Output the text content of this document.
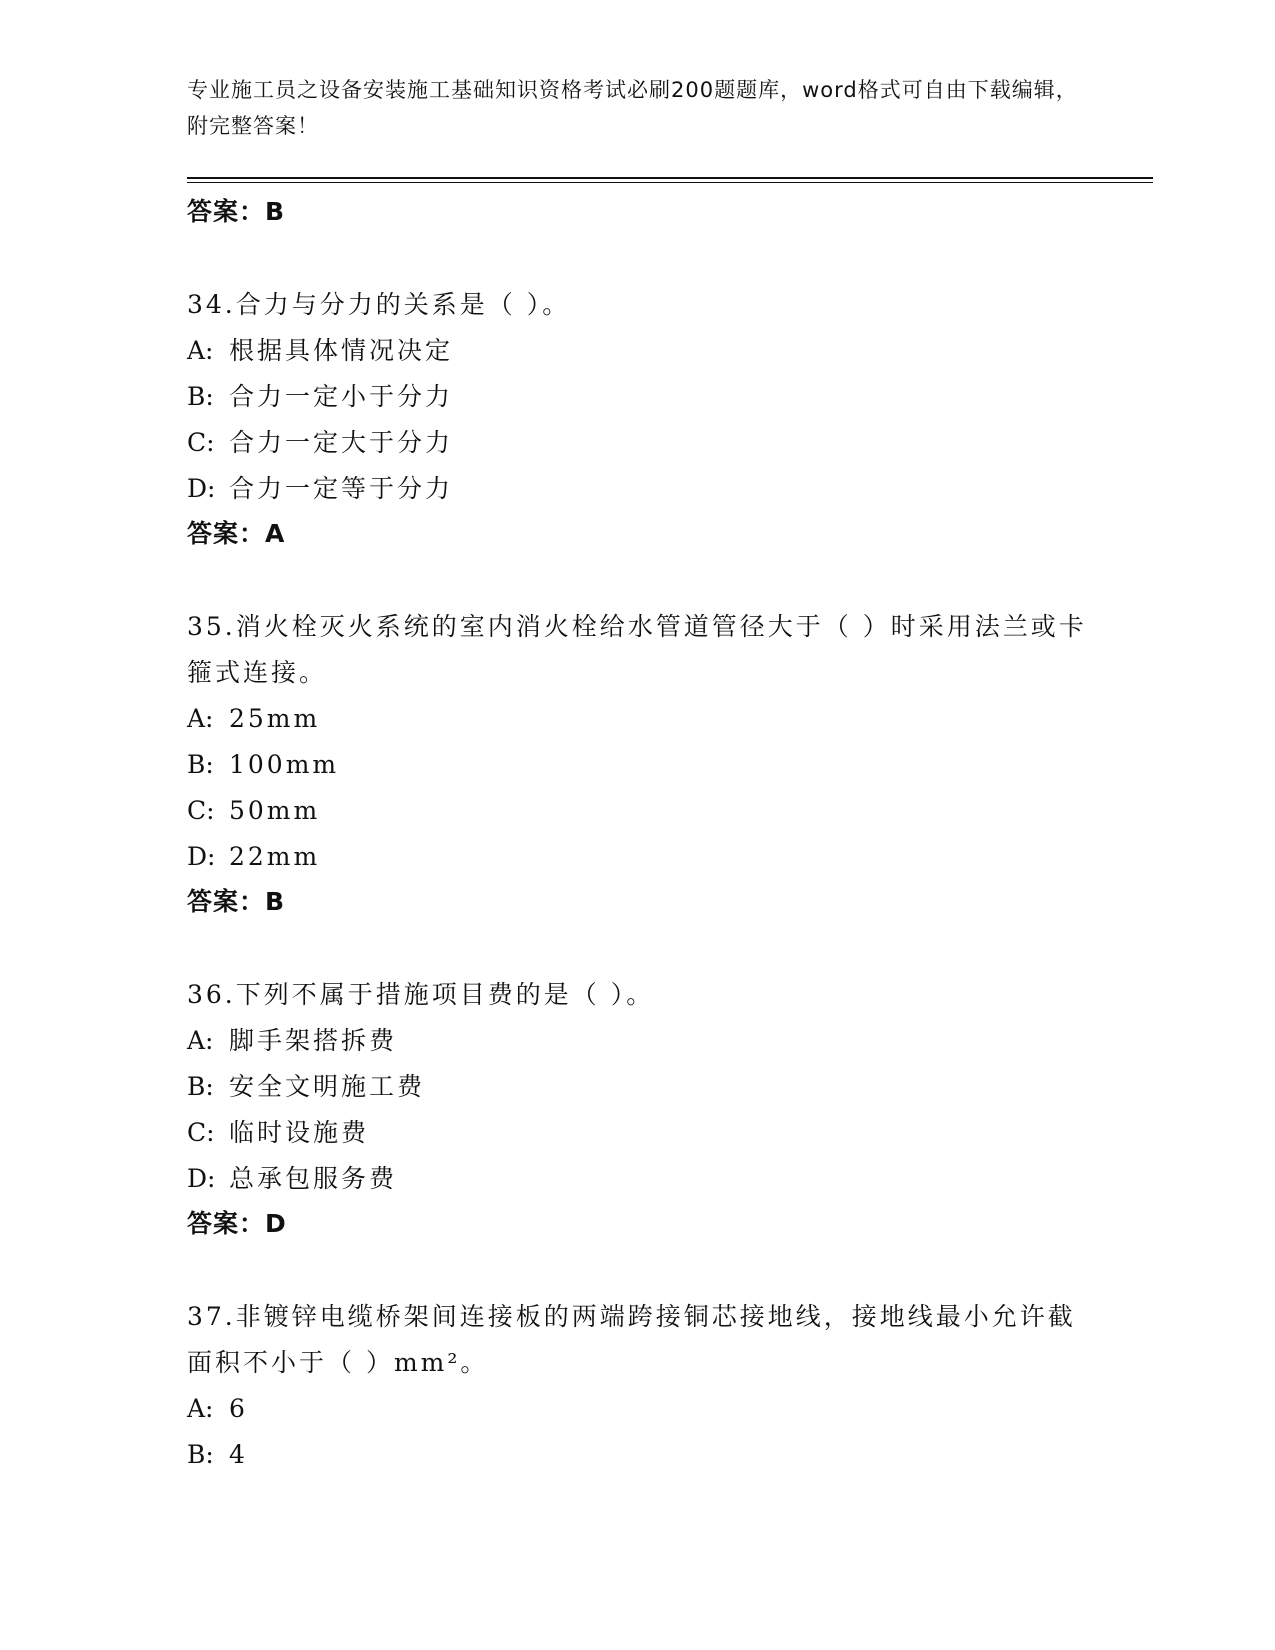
专业施工员之设备安装施工基础知识资格考试必刷200题题库，word格式可自由下载编辑，附完整答案！
答案：B
34.合力与分力的关系是（ ）。
A: 根据具体情况决定
B: 合力一定小于分力
C: 合力一定大于分力
D: 合力一定等于分力
答案：A
35.消火栓灭火系统的室内消火栓给水管道管径大于（ ）时采用法兰或卡箍式连接。
A: 25mm
B: 100mm
C: 50mm
D: 22mm
答案：B
36.下列不属于措施项目费的是（ ）。
A: 脚手架搭拆费
B: 安全文明施工费
C: 临时设施费
D: 总承包服务费
答案：D
37.非镀锌电缆桥架间连接板的两端跨接铜芯接地线，接地线最小允许截面积不小于（ ）mm²。
A: 6
B: 4
